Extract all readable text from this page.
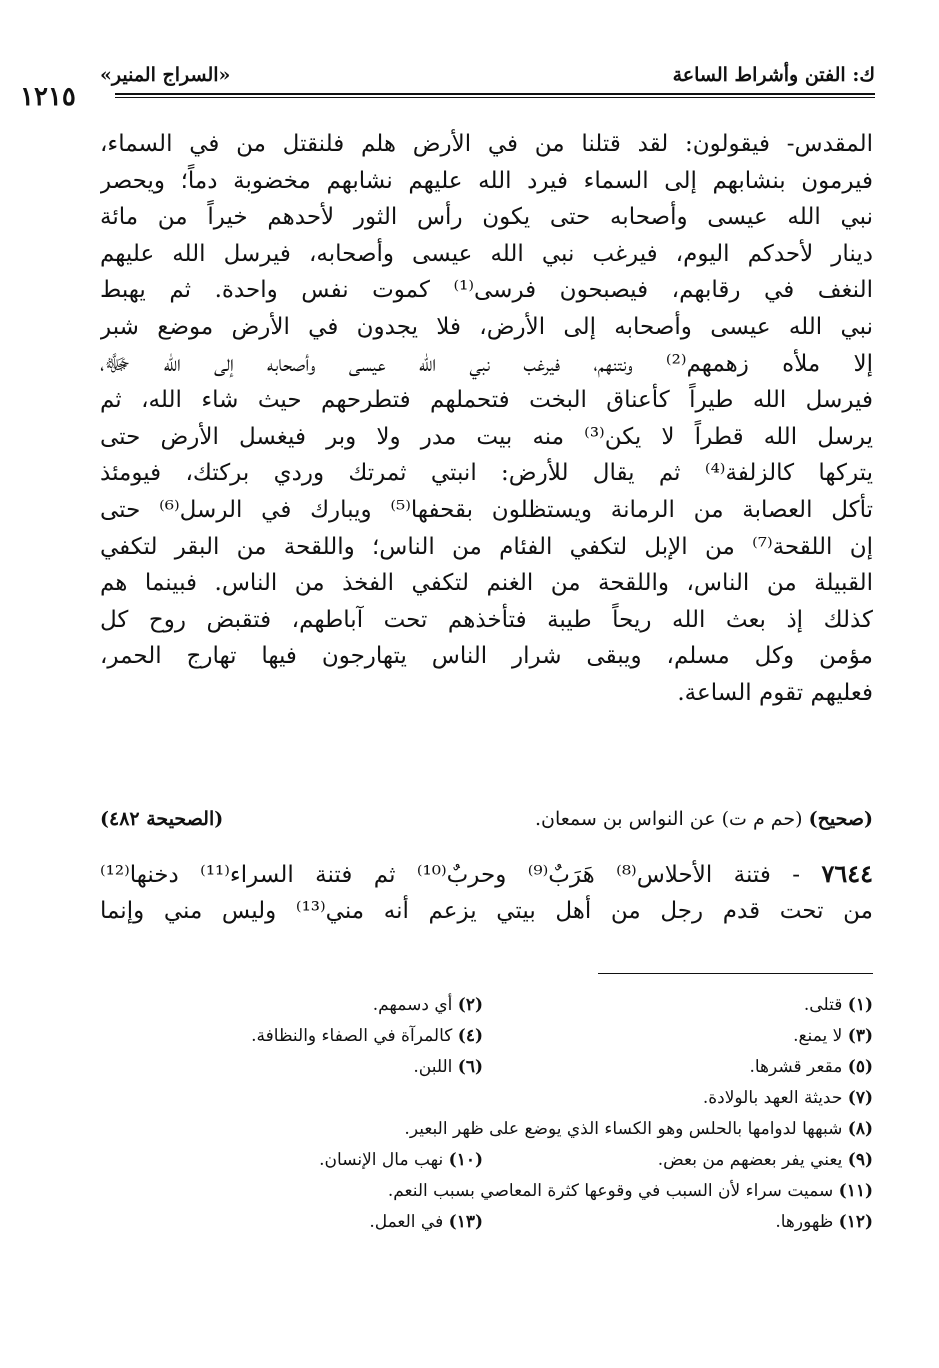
ك: الفتن وأشراط الساعة
«السراج المنير»
١٢١٥
المقدس- فيقولون: لقد قتلنا من في الأرض هلم فلنقتل من في السماء،
فيرمون بنشابهم إلى السماء فيرد الله عليهم نشابهم مخضوبة دماً؛ ويحصر
نبي الله عيسى وأصحابه حتى يكون رأس الثور لأحدهم خيراً من مائة
دينار لأحدكم اليوم، فيرغب نبي الله عيسى وأصحابه، فيرسل الله عليهم
النغف في رقابهم، فيصبحون فرسى⁽¹⁾ كموت نفس واحدة. ثم يهبط
نبي الله عيسى وأصحابه إلى الأرض، فلا يجدون في الأرض موضع شبر
إلا ملأه زهمهم⁽²⁾ ونتنهم، فيرغب نبي الله عيسى وأصحابه إلى الله ﷻ،
فيرسل الله طيراً كأعناق البخت فتحملهم فتطرحهم حيث شاء الله، ثم
يرسل الله قطراً لا يكن⁽³⁾ منه بيت مدر ولا وبر فيغسل الأرض حتى
يتركها كالزلفة⁽⁴⁾ ثم يقال للأرض: انبتي ثمرتك وردي بركتك، فيومئذ
تأكل العصابة من الرمانة ويستظلون بقحفها⁽⁵⁾ ويبارك في الرسل⁽⁶⁾ حتى
إن اللقحة⁽⁷⁾ من الإبل لتكفي الفئام من الناس؛ واللقحة من البقر لتكفي
القبيلة من الناس، واللقحة من الغنم لتكفي الفخذ من الناس. فبينما هم
كذلك إذ بعث الله ريحاً طيبة فتأخذهم تحت آباطهم، فتقبض روح كل
مؤمن وكل مسلم، ويبقى شرار الناس يتهارجون فيها تهارج الحمر،
فعليهم تقوم الساعة.
(صحيح) (حم م ت) عن النواس بن سمعان.
(الصحيحة ٤٨٢)
٧٦٤٤ - فتنة الأحلاس⁽⁸⁾ هَرَبٌ⁽⁹⁾ وحربٌ⁽¹⁰⁾ ثم فتنة السراء⁽¹¹⁾ دخنها⁽¹²⁾
من تحت قدم رجل من أهل بيتي يزعم أنه مني⁽¹³⁾ وليس مني وإنما
(١) قتلى.
(٢) أي دسمهم.
(٣) لا يمنع.
(٤) كالمرآة في الصفاء والنظافة.
(٥) مقعر قشرها.
(٦) اللبن.
(٧) حديثة العهد بالولادة.
(٨) شبهها لدوامها بالحلس وهو الكساء الذي يوضع على ظهر البعير.
(٩) يعني يفر بعضهم من بعض.
(١٠) نهب مال الإنسان.
(١١) سميت سراء لأن السبب في وقوعها كثرة المعاصي بسبب النعم.
(١٢) ظهورها.
(١٣) في العمل.
